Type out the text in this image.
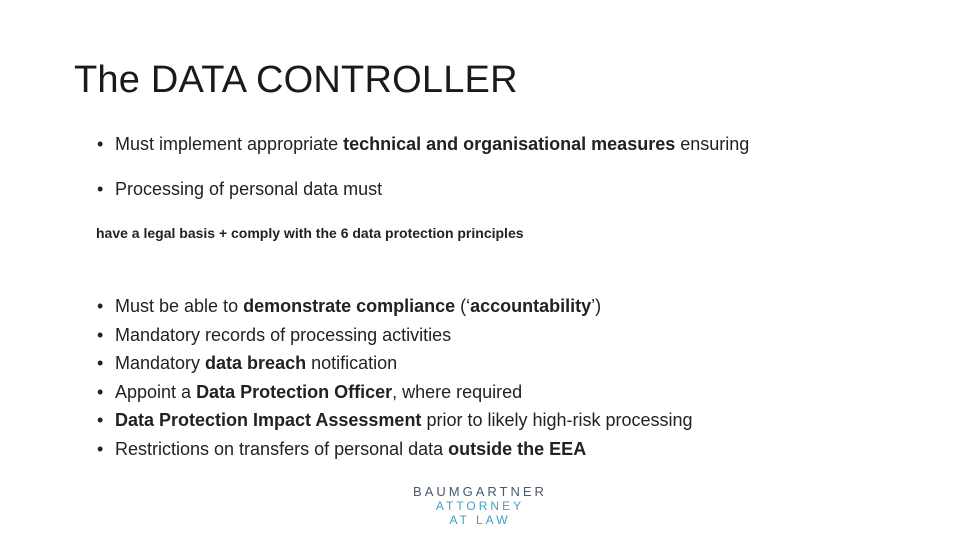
The DATA CONTROLLER
• Must implement appropriate technical and organisational measures ensuring
• Processing of personal data must
have a legal basis + comply with the 6 data protection principles
• Must be able to demonstrate compliance (‘accountability’)
• Mandatory records of processing activities
• Mandatory data breach notification
• Appoint a Data Protection Officer, where required
• Data Protection Impact Assessment prior to likely high-risk processing
• Restrictions on transfers of personal data outside the EEA
BAUMGARTNER
ATTORNEY
AT LAW
